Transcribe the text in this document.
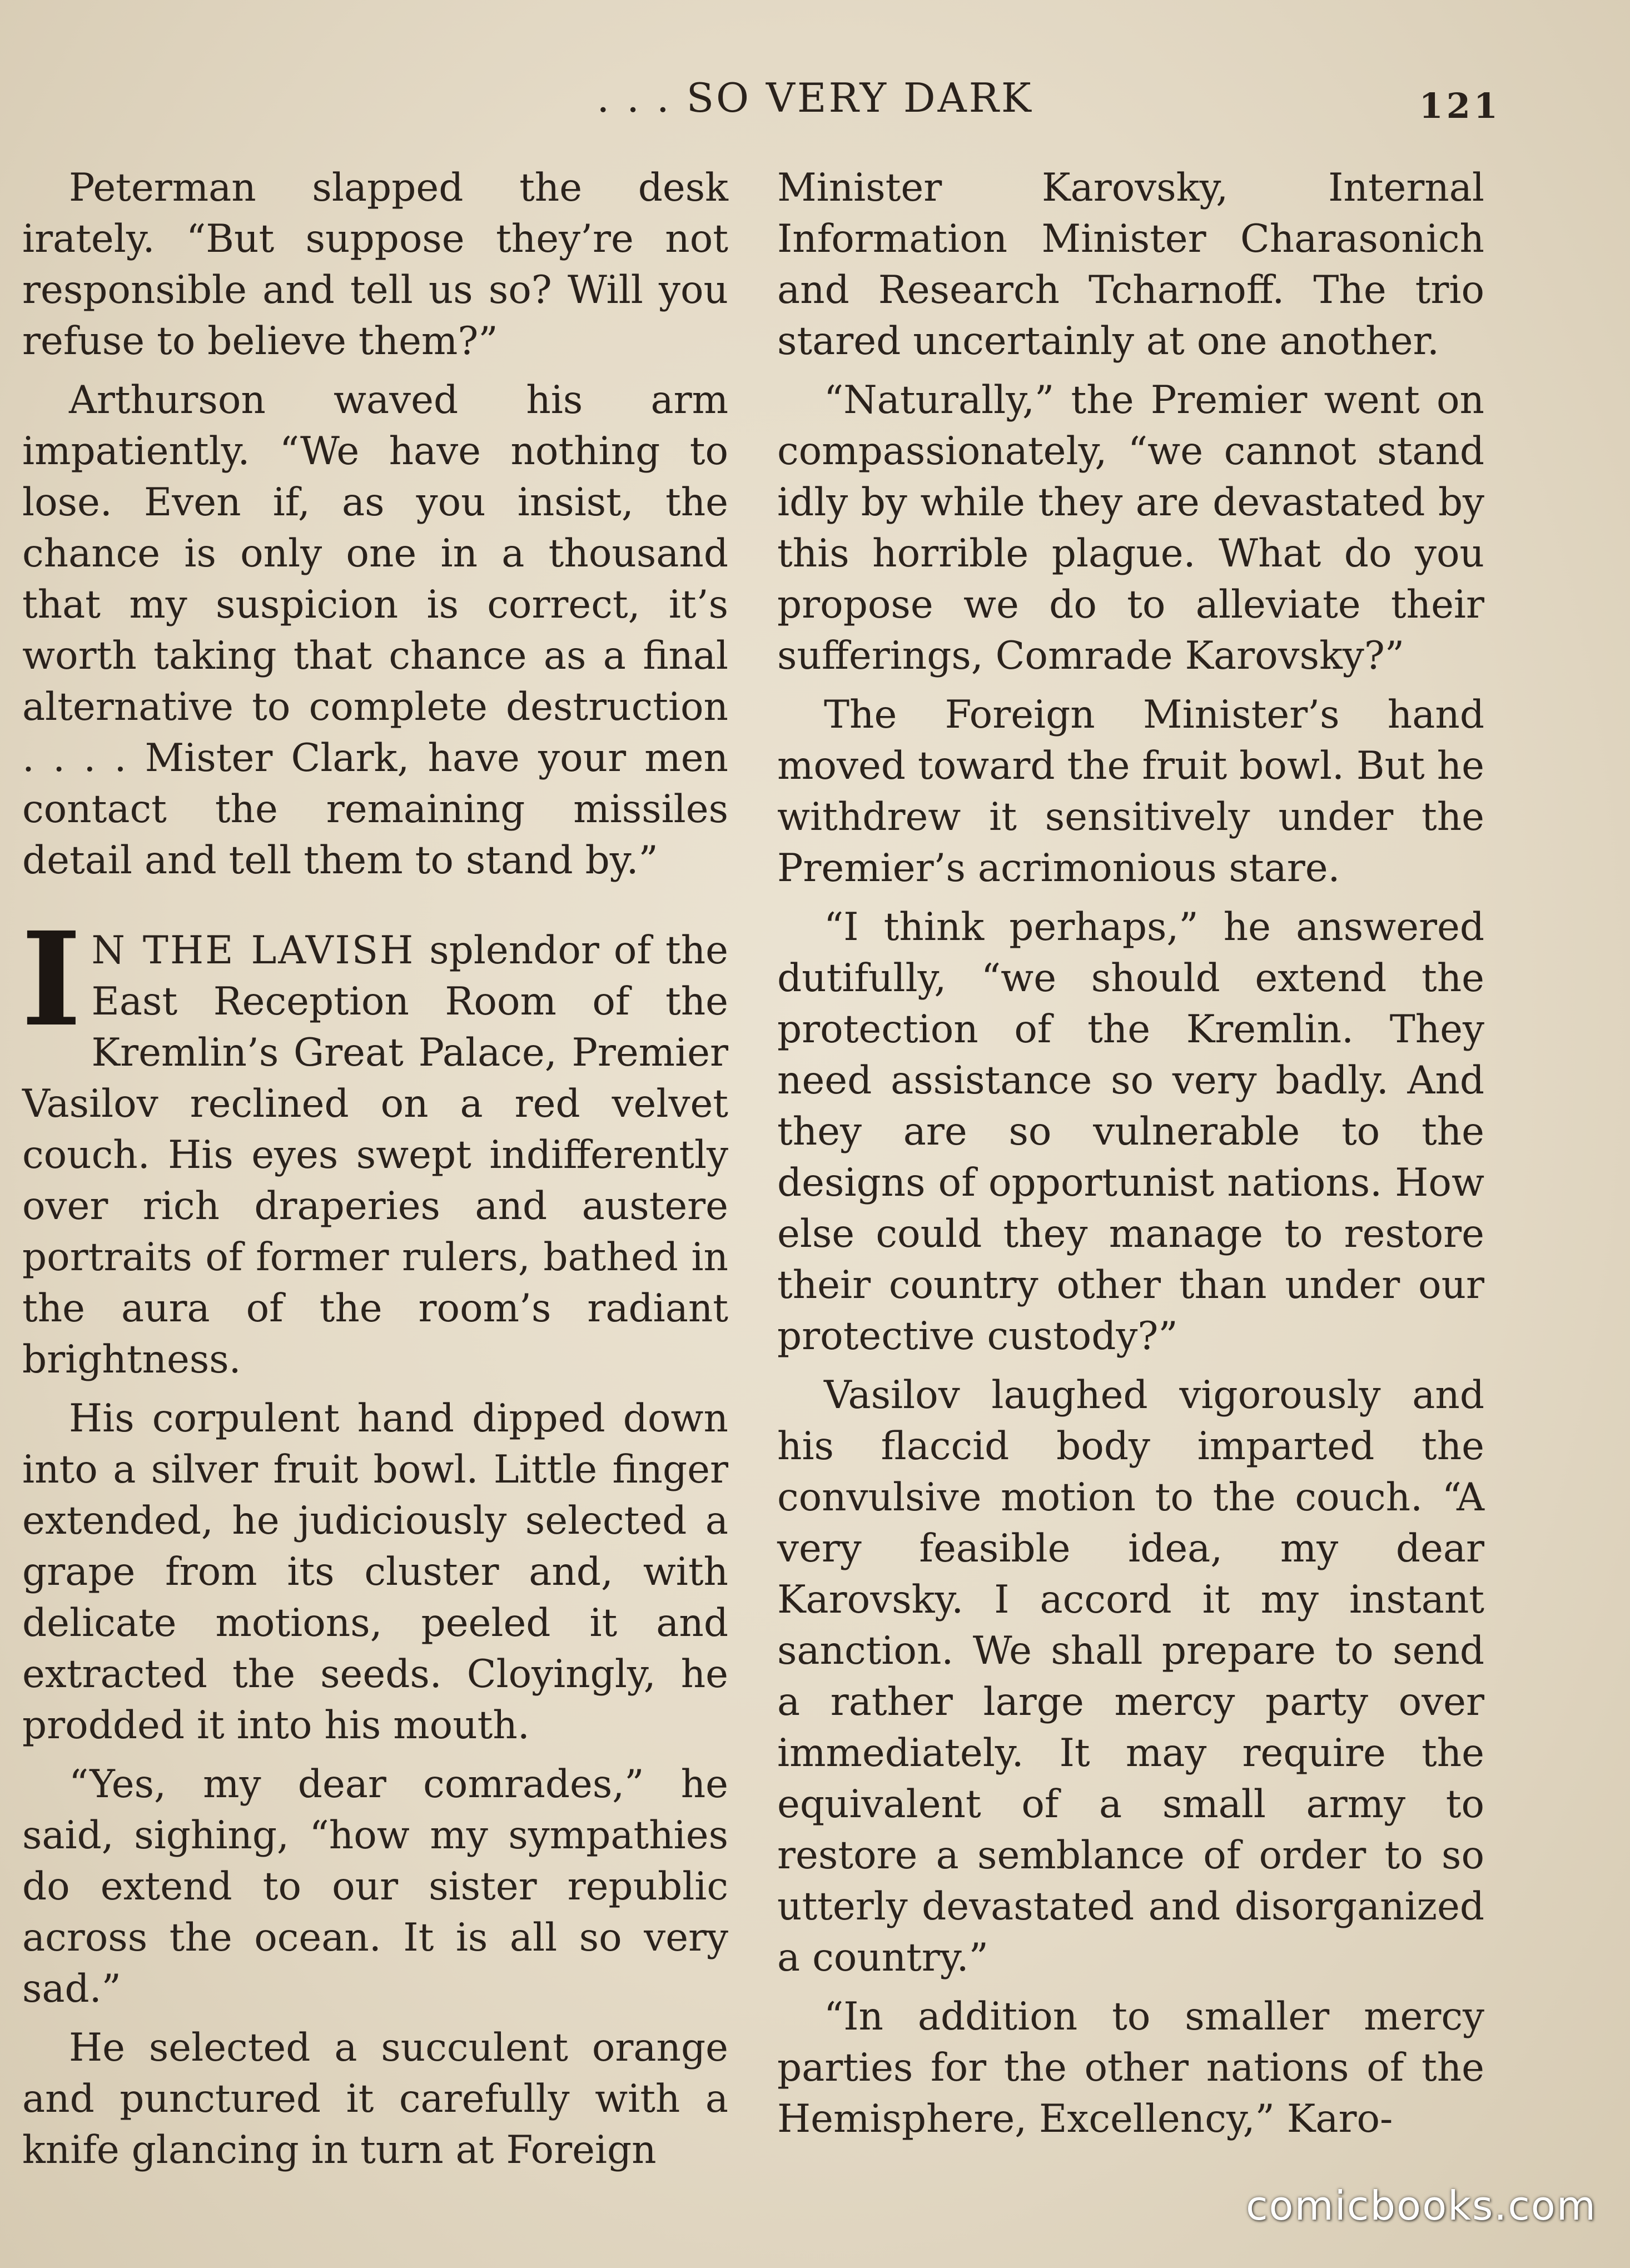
. . . SO VERY DARK	121

Peterman slapped the desk irately. “But suppose they’re not responsible and tell us so? Will you refuse to believe them?”

Arthurson waved his arm impatiently. “We have nothing to lose. Even if, as you insist, the chance is only one in a thousand that my suspicion is correct, it’s worth taking that chance as a final alternative to complete destruction . . . . Mister Clark, have your men contact the remaining missiles detail and tell them to stand by.”

I N THE LAVISH splendor of the East Reception Room of the Kremlin’s Great Palace, Premier Vasilov reclined on a red velvet couch. His eyes swept indifferently over rich draperies and austere portraits of former rulers, bathed in the aura of the room’s radiant brightness.

His corpulent hand dipped down into a silver fruit bowl. Little finger extended, he judiciously selected a grape from its cluster and, with delicate motions, peeled it and extracted the seeds. Cloyingly, he prodded it into his mouth.

“Yes, my dear comrades,” he said, sighing, “how my sympathies do extend to our sister republic across the ocean. It is all so very sad.”

He selected a succulent orange and punctured it carefully with a knife glancing in turn at Foreign

Minister Karovsky, Internal Information Minister Charasonich and Research Tcharnoff. The trio stared uncertainly at one another.

“Naturally,” the Premier went on compassionately, “we cannot stand idly by while they are devastated by this horrible plague. What do you propose we do to alleviate their sufferings, Comrade Karovsky?”

The Foreign Minister’s hand moved toward the fruit bowl. But he withdrew it sensitively under the Premier’s acrimonious stare.

“I think perhaps,” he answered dutifully, “we should extend the protection of the Kremlin. They need assistance so very badly. And they are so vulnerable to the designs of opportunist nations. How else could they manage to restore their country other than under our protective custody?”

Vasilov laughed vigorously and his flaccid body imparted the convulsive motion to the couch. “A very feasible idea, my dear Karovsky. I accord it my instant sanction. We shall prepare to send a rather large mercy party over immediately. It may require the equivalent of a small army to restore a semblance of order to so utterly devastated and disorganized a country.”

“In addition to smaller mercy parties for the other nations of the Hemisphere, Excellency,” Karo-

comicbooks.com
